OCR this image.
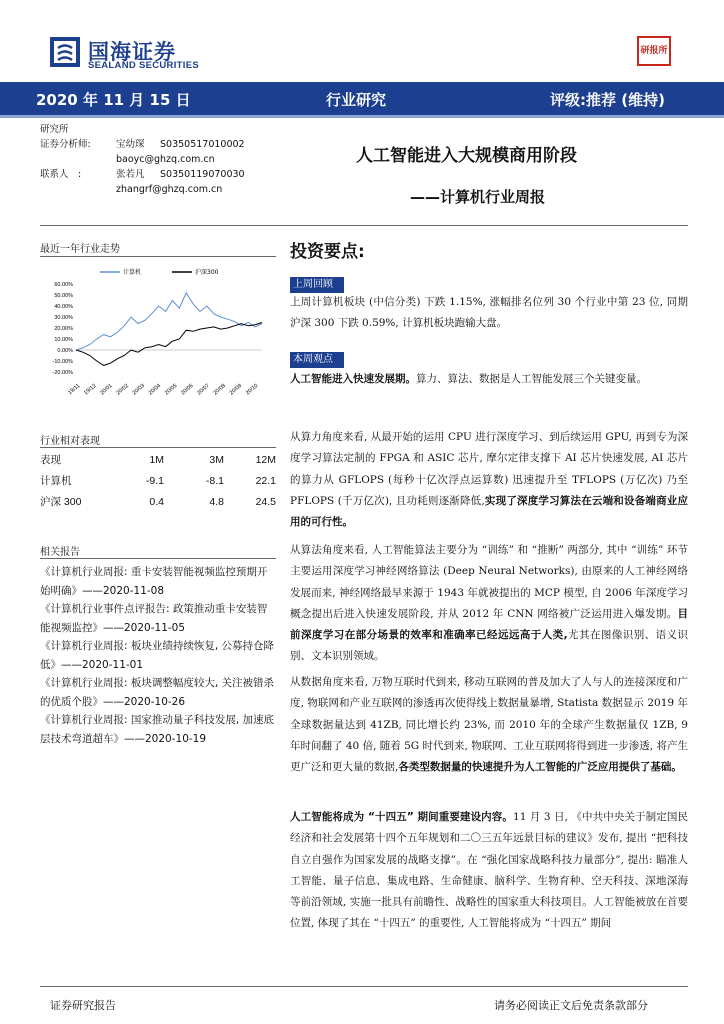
国海证券
SEALAND SECURITIES
研报所
2020 年 11 月 15 日	行业研究	评级:推荐 (维持)
研究所
证券分析师:	宝幼琛 S0350517010002
baoyc@ghzq.com.cn
联系人　:	张若凡 S0350119070030
zhangrf@ghzq.com.cn
人工智能进入大规模商用阶段
——计算机行业周报
最近一年行业走势
计算机	沪深300
60.00%
50.00%
40.00%
30.00%
20.00%
10.00%
0.00%
-10.00%
-20.00%
19/11 19/12 20/01 20/02 20/03 20/04 20/05 20/06 20/07 20/08 20/09 20/10
行业相对表现
表现	1M	3M	12M
计算机	-9.1	-8.1	22.1
沪深 300	0.4	4.8	24.5
相关报告
《计算机行业周报: 重卡安装智能视频监控预期开始明确》——2020-11-08
《计算机行业事件点评报告: 政策推动重卡安装智能视频监控》——2020-11-05
《计算机行业周报: 板块业绩持续恢复, 公募持仓降低》——2020-11-01
《计算机行业周报: 板块调整幅度较大, 关注被错杀的优质个股》——2020-10-26
《计算机行业周报: 国家推动量子科技发展, 加速底层技术弯道超车》——2020-10-19
投资要点:
上周回顾
上周计算机板块 (中信分类) 下跌 1.15%, 涨幅排名位列 30 个行业中第 23 位, 同期沪深 300 下跌 0.59%, 计算机板块跑输大盘。
本周观点
人工智能进入快速发展期。算力、算法、数据是人工智能发展三个关键变量。
从算力角度来看, 从最开始的运用 CPU 进行深度学习、到后续运用 GPU, 再到专为深度学习算法定制的 FPGA 和 ASIC 芯片, 摩尔定律支撑下 AI 芯片快速发展, AI 芯片的算力从 GFLOPS (每秒十亿次浮点运算数) 迅速提升至 TFLOPS (万亿次) 乃至 PFLOPS (千万亿次), 且功耗则逐渐降低,实现了深度学习算法在云端和设备端商业应用的可行性。
从算法角度来看, 人工智能算法主要分为 “训练” 和 “推断” 两部分, 其中 “训练” 环节主要运用深度学习神经网络算法 (Deep Neural Networks), 由原来的人工神经网络发展而来, 神经网络最早来源于 1943 年就被提出的 MCP 模型, 自 2006 年深度学习概念提出后进入快速发展阶段, 并从 2012 年 CNN 网络被广泛运用进入爆发期。目前深度学习在部分场景的效率和准确率已经远远高于人类,尤其在图像识别、语义识别、文本识别领域。
从数据角度来看, 万物互联时代到来, 移动互联网的普及加大了人与人的连接深度和广度, 物联网和产业互联网的渗透再次使得线上数据量暴增, Statista 数据显示 2019 年全球数据量达到 41ZB, 同比增长约 23%, 而 2010 年的全球产生数据量仅 1ZB, 9 年时间翻了 40 倍, 随着 5G 时代到来, 物联网、工业互联网将得到进一步渗透, 将产生更广泛和更大量的数据,各类型数据量的快速提升为人工智能的广泛应用提供了基础。
人工智能将成为 “十四五” 期间重要建设内容。11 月 3 日, 《中共中央关于制定国民经济和社会发展第十四个五年规划和二〇三五年远景目标的建议》发布, 提出 “把科技自立自强作为国家发展的战略支撑”。在 “强化国家战略科技力量部分”, 提出: 瞄准人工智能、量子信息、集成电路、生命健康、脑科学、生物育种、空天科技、深地深海等前沿领域, 实施一批具有前瞻性、战略性的国家重大科技项目。人工智能被放在首要位置, 体现了其在 “十四五” 的重要性, 人工智能将成为 “十四五” 期间
证券研究报告	请务必阅读正文后免责条款部分
